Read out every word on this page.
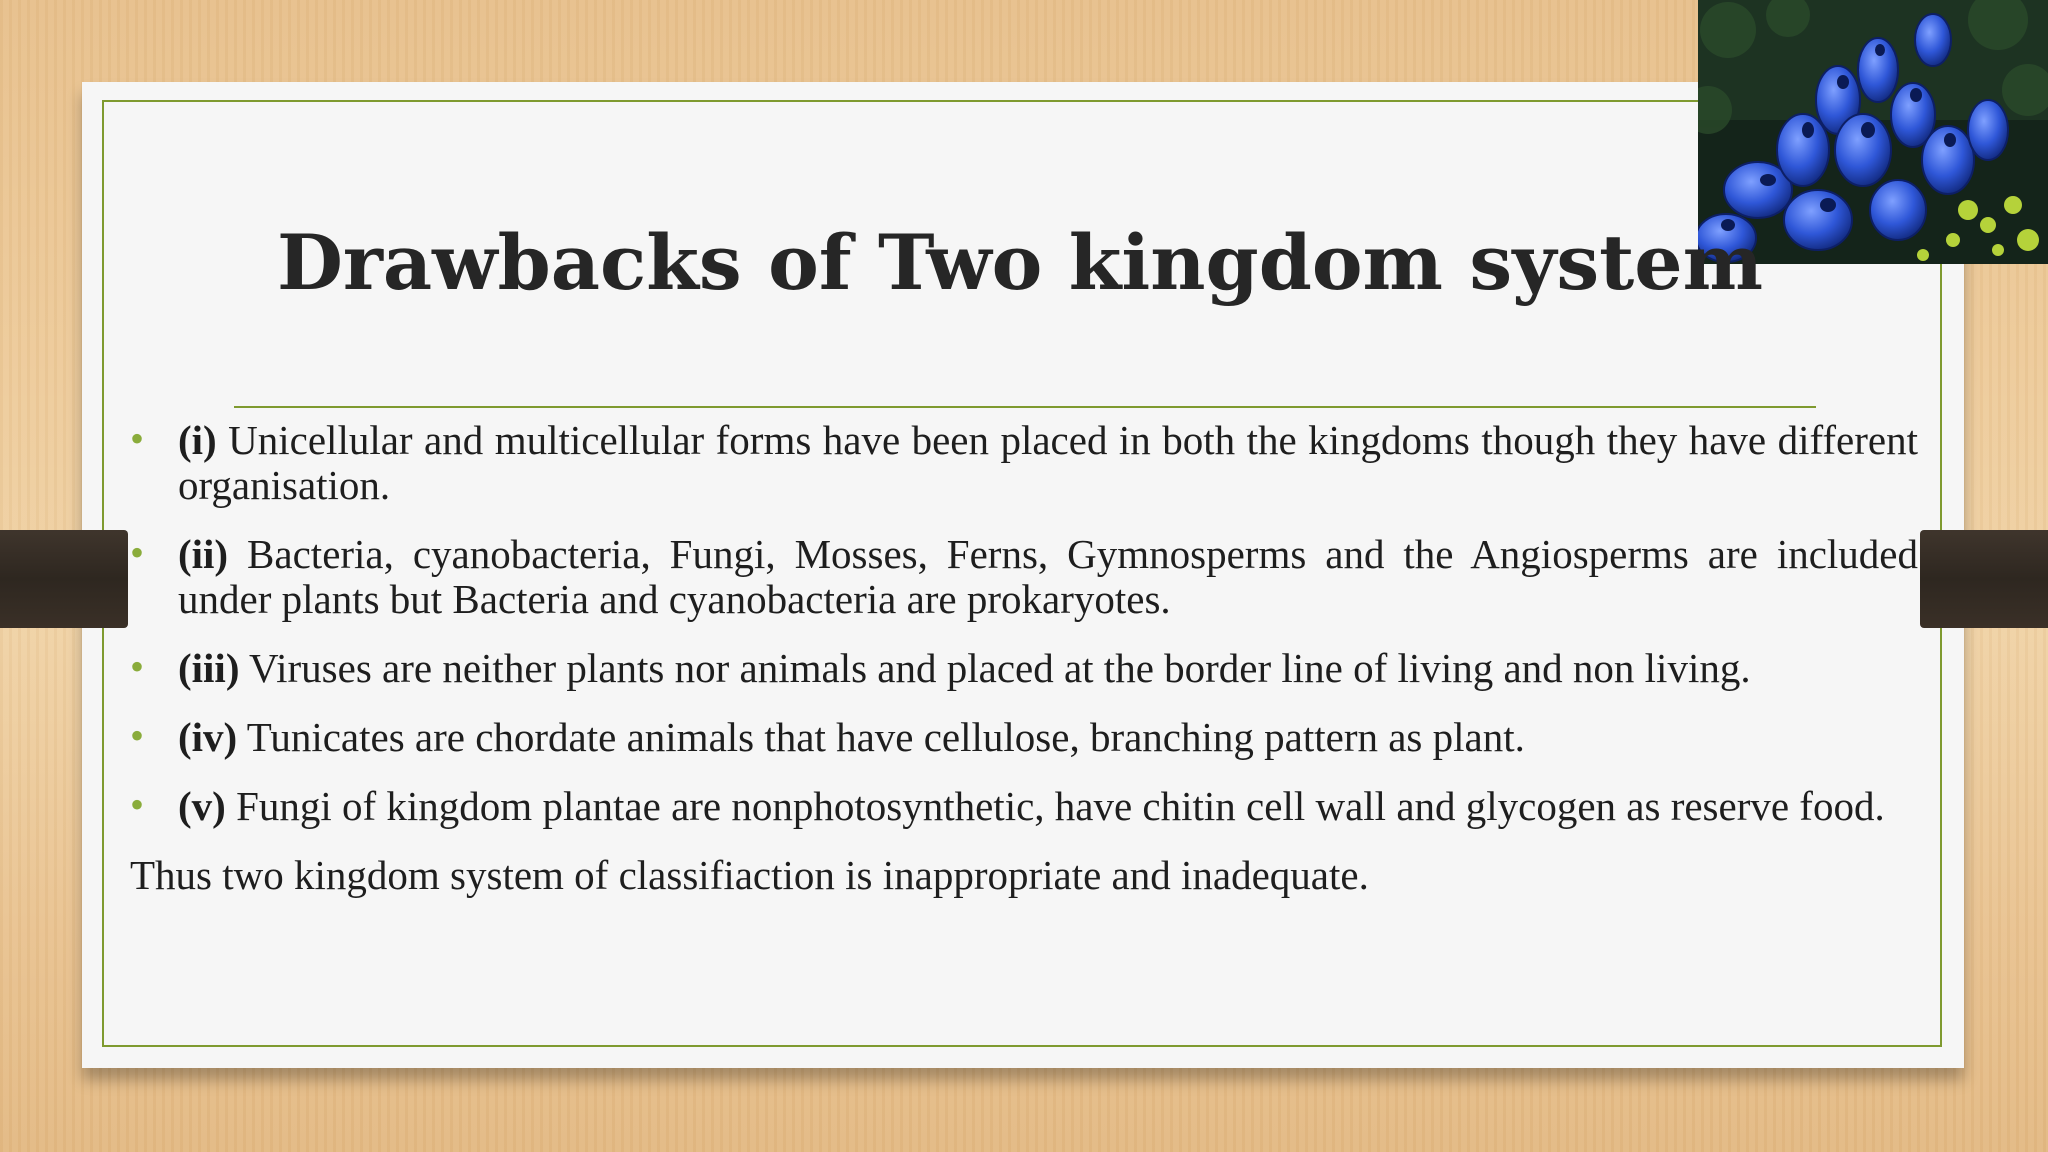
Drawbacks of Two kingdom system
• (i) Unicellular and multicellular forms have been placed in both the kingdoms though they have different organisation.
• (ii) Bacteria, cyanobacteria, Fungi, Mosses, Ferns, Gymnosperms and the Angiosperms are included under plants but Bacteria and cyanobacteria are prokaryotes.
• (iii) Viruses are neither plants nor animals and placed at the border line of living and non living.
• (iv) Tunicates are chordate animals that have cellulose, branching pattern as plant.
• (v) Fungi of kingdom plantae are nonphotosynthetic, have chitin cell wall and glycogen as reserve food.
Thus two kingdom system of classifiaction is inappropriate and inadequate.
